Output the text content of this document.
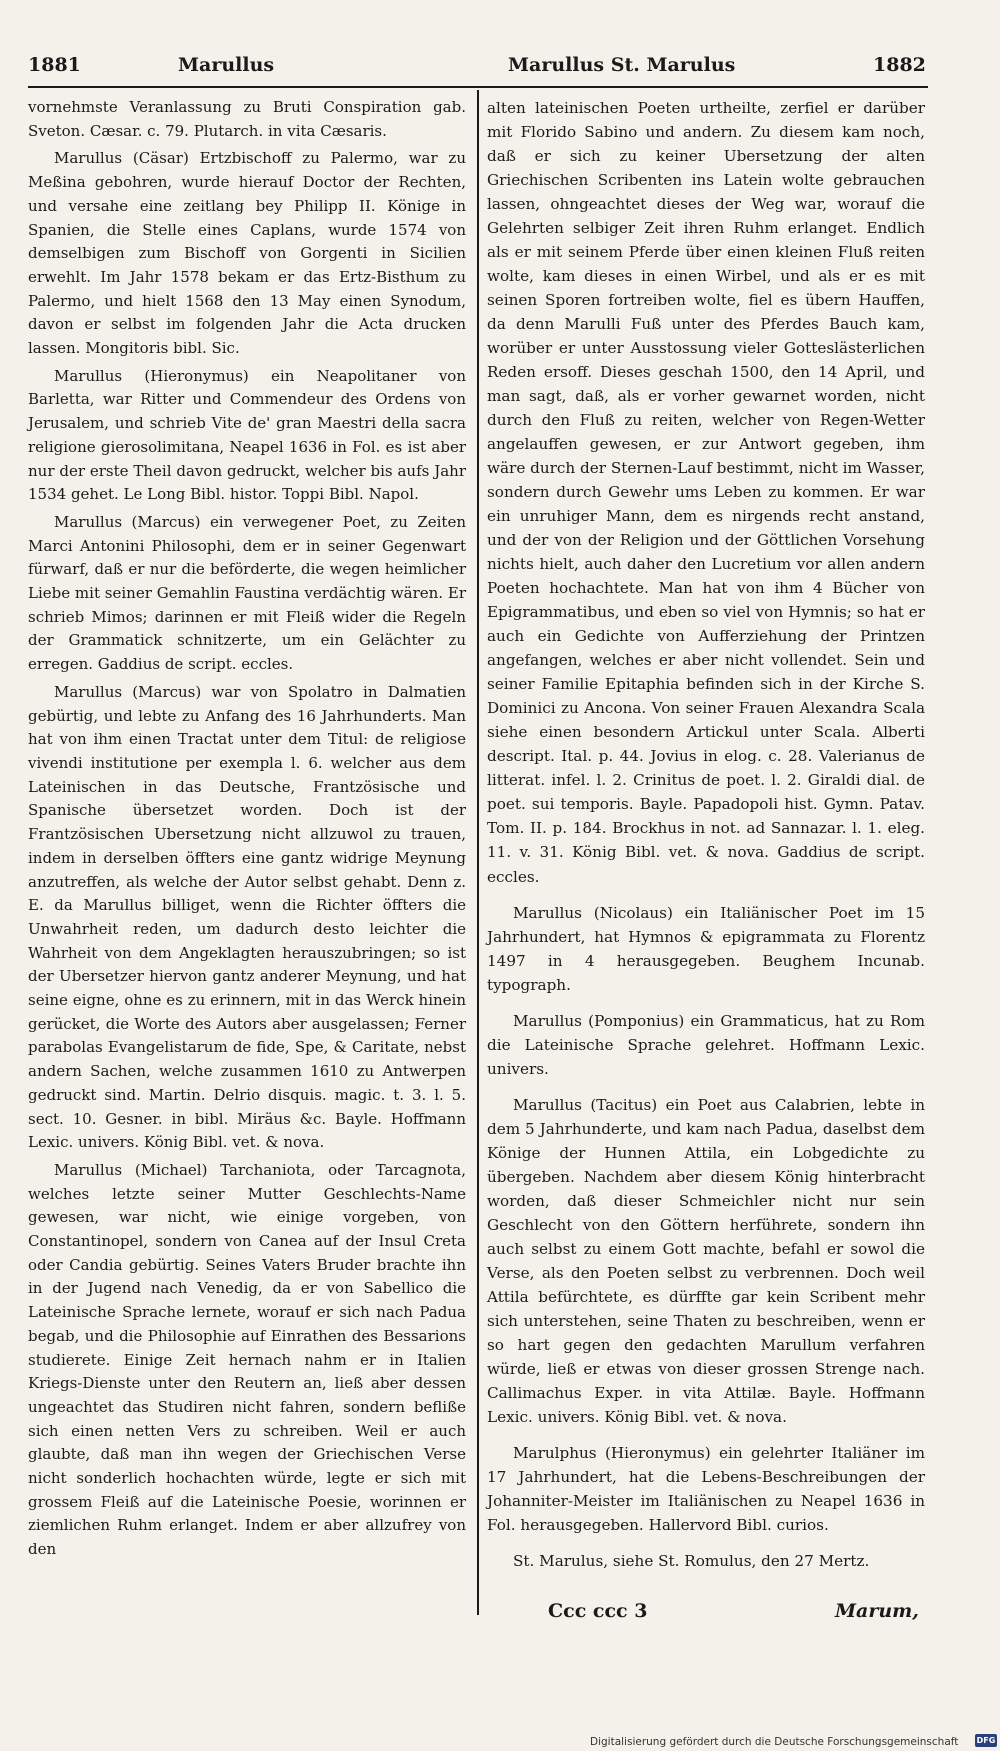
1881	Marullus	Marullus St. Marulus	1882

vornehmste Veranlassung zu Bruti Conspiration gab. Sveton. Cæsar. c. 79. Plutarch. in vita Cæsaris.

Marullus (Cäsar) Ertzbischoff zu Palermo, war zu Meßina gebohren, wurde hierauf Doctor der Rechten, und versahe eine zeitlang bey Philipp II. Könige in Spanien, die Stelle eines Caplans, wurde 1574 von demselbigen zum Bischoff von Gorgenti in Sicilien erwehlt. Im Jahr 1578 bekam er das Ertz-Bisthum zu Palermo, und hielt 1568 den 13 May einen Synodum, davon er selbst im folgenden Jahr die Acta drucken lassen. Mongitoris bibl. Sic.

Marullus (Hieronymus) ein Neapolitaner von Barletta, war Ritter und Commendeur des Ordens von Jerusalem, und schrieb Vite de' gran Maestri della sacra religione gierosolimitana, Neapel 1636 in Fol. es ist aber nur der erste Theil davon gedruckt, welcher bis aufs Jahr 1534 gehet. Le Long Bibl. histor. Toppi Bibl. Napol.

Marullus (Marcus) ein verwegener Poet, zu Zeiten Marci Antonini Philosophi, dem er in seiner Gegenwart fürwarf, daß er nur die beförderte, die wegen heimlicher Liebe mit seiner Gemahlin Faustina verdächtig wären. Er schrieb Mimos; darinnen er mit Fleiß wider die Regeln der Grammatick schnitzerte, um ein Gelächter zu erregen. Gaddius de script. eccles.

Marullus (Marcus) war von Spolatro in Dalmatien gebürtig, und lebte zu Anfang des 16 Jahrhunderts. Man hat von ihm einen Tractat unter dem Titul: de religiose vivendi institutione per exempla l. 6. welcher aus dem Lateinischen in das Deutsche, Frantzösische und Spanische übersetzet worden. Doch ist der Frantzösischen Ubersetzung nicht allzuwol zu trauen, indem in derselben öffters eine gantz widrige Meynung anzutreffen, als welche der Autor selbst gehabt. Denn z. E. da Marullus billiget, wenn die Richter öffters die Unwahrheit reden, um dadurch desto leichter die Wahrheit von dem Angeklagten herauszubringen; so ist der Ubersetzer hiervon gantz anderer Meynung, und hat seine eigne, ohne es zu erinnern, mit in das Werck hinein gerücket, die Worte des Autors aber ausgelassen; Ferner parabolas Evangelistarum de fide, Spe, & Caritate, nebst andern Sachen, welche zusammen 1610 zu Antwerpen gedruckt sind. Martin. Delrio disquis. magic. t. 3. l. 5. sect. 10. Gesner. in bibl. Miräus &c. Bayle. Hoffmann Lexic. univers. König Bibl. vet. & nova.

Marullus (Michael) Tarchaniota, oder Tarcagnota, welches letzte seiner Mutter Geschlechts-Name gewesen, war nicht, wie einige vorgeben, von Constantinopel, sondern von Canea auf der Insul Creta oder Candia gebürtig. Seines Vaters Bruder brachte ihn in der Jugend nach Venedig, da er von Sabellico die Lateinische Sprache lernete, worauf er sich nach Padua begab, und die Philosophie auf Einrathen des Bessarions studierete. Einige Zeit hernach nahm er in Italien Kriegs-Dienste unter den Reutern an, ließ aber dessen ungeachtet das Studiren nicht fahren, sondern befliße sich einen netten Vers zu schreiben. Weil er auch glaubte, daß man ihn wegen der Griechischen Verse nicht sonderlich hochachten würde, legte er sich mit grossem Fleiß auf die Lateinische Poesie, worinnen er ziemlichen Ruhm erlanget. Indem er aber allzufrey von den

alten lateinischen Poeten urtheilte, zerfiel er darüber mit Florido Sabino und andern. Zu diesem kam noch, daß er sich zu keiner Ubersetzung der alten Griechischen Scribenten ins Latein wolte gebrauchen lassen, ohngeachtet dieses der Weg war, worauf die Gelehrten selbiger Zeit ihren Ruhm erlanget. Endlich als er mit seinem Pferde über einen kleinen Fluß reiten wolte, kam dieses in einen Wirbel, und als er es mit seinen Sporen fortreiben wolte, fiel es übern Hauffen, da denn Marulli Fuß unter des Pferdes Bauch kam, worüber er unter Ausstossung vieler Gotteslästerlichen Reden ersoff. Dieses geschah 1500, den 14 April, und man sagt, daß, als er vorher gewarnet worden, nicht durch den Fluß zu reiten, welcher von Regen-Wetter angelauffen gewesen, er zur Antwort gegeben, ihm wäre durch der Sternen-Lauf bestimmt, nicht im Wasser, sondern durch Gewehr ums Leben zu kommen. Er war ein unruhiger Mann, dem es nirgends recht anstand, und der von der Religion und der Göttlichen Vorsehung nichts hielt, auch daher den Lucretium vor allen andern Poeten hochachtete. Man hat von ihm 4 Bücher von Epigrammatibus, und eben so viel von Hymnis; so hat er auch ein Gedichte von Aufferziehung der Printzen angefangen, welches er aber nicht vollendet. Sein und seiner Familie Epitaphia befinden sich in der Kirche S. Dominici zu Ancona. Von seiner Frauen Alexandra Scala siehe einen besondern Artickul unter Scala. Alberti descript. Ital. p. 44. Jovius in elog. c. 28. Valerianus de litterat. infel. l. 2. Crinitus de poet. l. 2. Giraldi dial. de poet. sui temporis. Bayle. Papadopoli hist. Gymn. Patav. Tom. II. p. 184. Brockhus in not. ad Sannazar. l. 1. eleg. 11. v. 31. König Bibl. vet. & nova. Gaddius de script. eccles.

Marullus (Nicolaus) ein Italiänischer Poet im 15 Jahrhundert, hat Hymnos & epigrammata zu Florentz 1497 in 4 herausgegeben. Beughem Incunab. typograph.

Marullus (Pomponius) ein Grammaticus, hat zu Rom die Lateinische Sprache gelehret. Hoffmann Lexic. univers.

Marullus (Tacitus) ein Poet aus Calabrien, lebte in dem 5 Jahrhunderte, und kam nach Padua, daselbst dem Könige der Hunnen Attila, ein Lobgedichte zu übergeben. Nachdem aber diesem König hinterbracht worden, daß dieser Schmeichler nicht nur sein Geschlecht von den Göttern herführete, sondern ihn auch selbst zu einem Gott machte, befahl er sowol die Verse, als den Poeten selbst zu verbrennen. Doch weil Attila befürchtete, es dürffte gar kein Scribent mehr sich unterstehen, seine Thaten zu beschreiben, wenn er so hart gegen den gedachten Marullum verfahren würde, ließ er etwas von dieser grossen Strenge nach. Callimachus Exper. in vita Attilæ. Bayle. Hoffmann Lexic. univers. König Bibl. vet. & nova.

Marulphus (Hieronymus) ein gelehrter Italiäner im 17 Jahrhundert, hat die Lebens-Beschreibungen der Johanniter-Meister im Italiänischen zu Neapel 1636 in Fol. herausgegeben. Hallervord Bibl. curios.

St. Marulus, siehe St. Romulus, den 27 Mertz.

Ccc ccc 3	Marum,
Digitalisierung gefördert durch die Deutsche Forschungsgemeinschaft DFG
